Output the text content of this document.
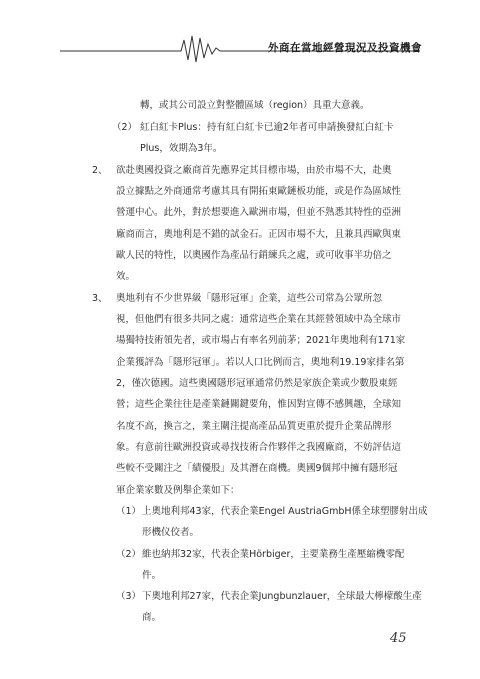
外商在當地經營現況及投資機會
轉，或其公司設立對整體區域（region）具重大意義。
（2） 紅白紅卡Plus：持有紅白紅卡已逾2年者可申請換發紅白紅卡
Plus，效期為3年。
2、 欲赴奧國投資之廠商首先應界定其目標市場，由於市場不大，赴奧
設立據點之外商通常考慮其具有開拓東歐鏈板功能，或是作為區域性
營運中心。此外，對於想要進入歐洲市場，但並不熟悉其特性的亞洲
廠商而言，奧地利是不錯的試金石。正因市場不大，且兼具西歐與東
歐人民的特性，以奧國作為產品行銷練兵之處，或可收事半功倍之
效。
3、 奧地利有不少世界級「隱形冠軍」企業，這些公司常為公眾所忽
視，但他們有很多共同之處：通常這些企業在其經營領域中為全球市
場獨特技術領先者，或市場占有率名列前茅；2021年奧地利有171家
企業獲評為「隱形冠軍」。若以人口比例而言，奧地利19.19家排名第
2，僅次德國。這些奧國隱形冠軍通常仍然是家族企業或少數股東經
營；這些企業往往是產業鏈關鍵要角，惟因對宣傳不感興趣，全球知
名度不高，換言之，業主關注提高產品品質更重於提升企業品牌形
象。有意前往歐洲投資或尋找技術合作夥伴之我國廠商，不妨評估這
些較不受關注之「績優股」及其潛在商機。奧國9個邦中擁有隱形冠
軍企業家數及例舉企業如下：
（1） 上奧地利邦43家，代表企業Engel AustriaGmbH係全球塑膠射出成
形機仪佼者。
（2） 維也納邦32家，代表企業Hörbiger，主要業務生產壓縮機零配
件。
（3） 下奧地利邦27家，代表企業Jungbunzlauer，全球最大檸檬酸生產
商。
45
